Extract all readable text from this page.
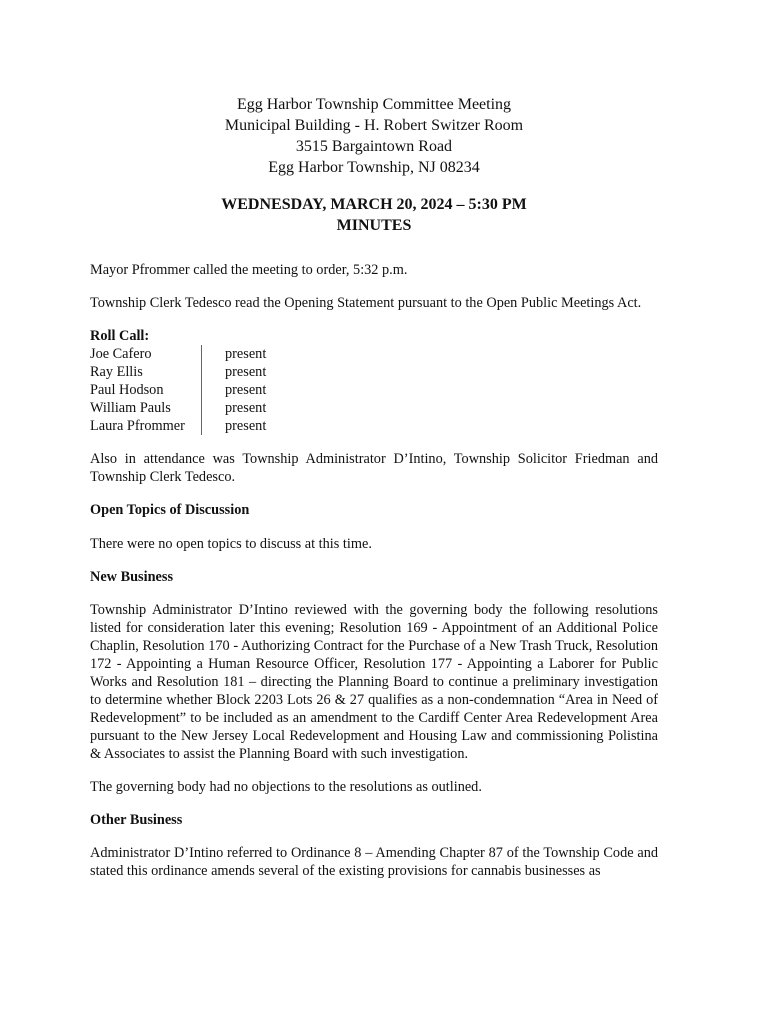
Egg Harbor Township Committee Meeting
Municipal Building - H. Robert Switzer Room
3515 Bargaintown Road
Egg Harbor Township, NJ 08234
WEDNESDAY, MARCH 20, 2024 – 5:30 PM
MINUTES

Mayor Pfrommer called the meeting to order, 5:32 p.m.

Township Clerk Tedesco read the Opening Statement pursuant to the Open Public Meetings Act.

Roll Call:
Joe Cafero	present
Ray Ellis	present
Paul Hodson	present
William Pauls	present
Laura Pfrommer	present

Also in attendance was Township Administrator D’Intino, Township Solicitor Friedman and Township Clerk Tedesco.

Open Topics of Discussion

There were no open topics to discuss at this time.

New Business

Township Administrator D’Intino reviewed with the governing body the following resolutions listed for consideration later this evening; Resolution 169 - Appointment of an Additional Police Chaplin, Resolution 170 - Authorizing Contract for the Purchase of a New Trash Truck, Resolution 172 - Appointing a Human Resource Officer, Resolution 177 - Appointing a Laborer for Public Works and Resolution 181 – directing the Planning Board to continue a preliminary investigation to determine whether Block 2203 Lots 26 & 27 qualifies as a non-condemnation “Area in Need of Redevelopment” to be included as an amendment to the Cardiff Center Area Redevelopment Area pursuant to the New Jersey Local Redevelopment and Housing Law and commissioning Polistina & Associates to assist the Planning Board with such investigation.

The governing body had no objections to the resolutions as outlined.

Other Business

Administrator D’Intino referred to Ordinance 8 – Amending Chapter 87 of the Township Code and stated this ordinance amends several of the existing provisions for cannabis businesses as
